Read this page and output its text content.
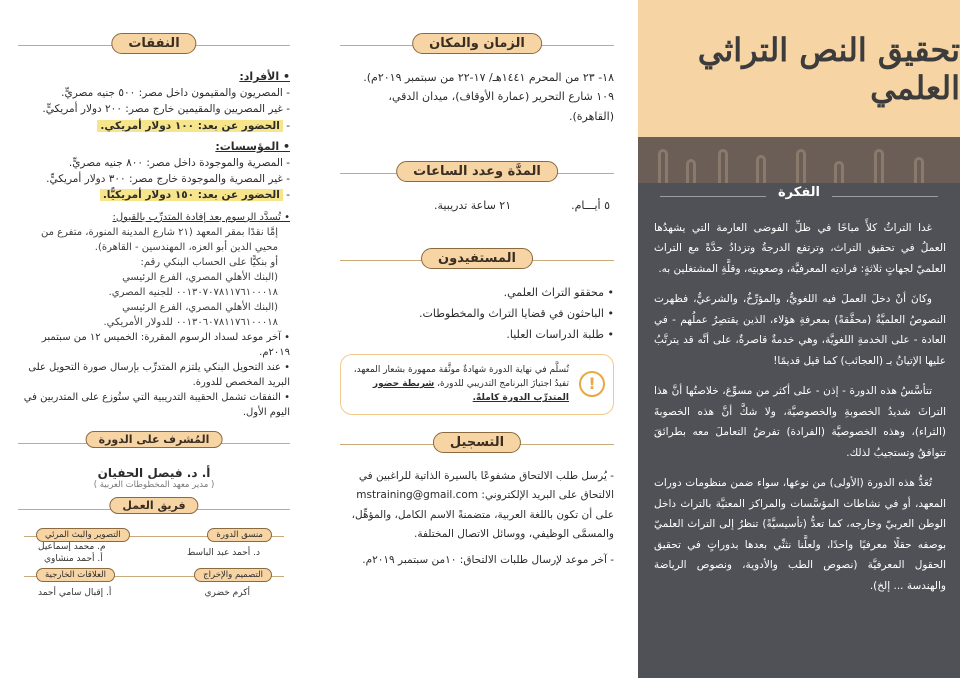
تحقيق النص التراثي العلمي
الفكرة

غدا التراثُ كلأً مباحًا في ظلِّ الفوضى العارمة التي يشهدُها العملُ في تحقيق التراث، وترتفع الدرجةُ وتزدادُ حدَّةً مع التراث العلميّ لجهاتٍ ثلاثةٍ: فرادتِه المعرفيَّة، وصعوبتِه، وقلَّةِ المشتغلين به.

وكانَ أنْ دخلَ العملَ فيه اللغويُّ، والمؤرِّخُ، والشرعيُّ، فظهرت النصوصُ العلميَّةُ (محقَّقةً) بمعرفةِ هؤلاء، الذين يقتصِرُ عملُهم - في العادة - على الخدمةِ اللغويَّة، وهي خدمةٌ قاصرةٌ، على أنَّه قد يترتَّبُ عليها الإتيانُ بـ (العجائب) كما قيل قديمًا!

تتأسَّسُ هذه الدورة - إذن - على أكثر من مسوِّغ، خلاصتُها أنَّ هذا التراثَ شديدُ الخصوبةِ والخصوصيَّة، ولا شكَّ أنَّ هذه الخصوبةَ (الثراء)، وهذه الخصوصيَّة (الفرادة) تفرضُ التعاملَ معه بطرائقَ تتوافقُ وتستجيبُ لذلك.

تُعَدُّ هذه الدورة (الأولى) من نوعها، سواء ضمن منظومات دورات المعهد، أو في نشاطات المؤسَّسات والمراكز المعنيَّة بالتراث داخل الوطن العربيّ وخارجه، كما تعدُّ (تأسيسيَّةً) تنظرُ إلى التراث العلميّ بوصفه حقلًا معرفيًا واحدًا، ولعلَّنا نثنِّي بعدها بدوراتٍ في تحقيق الحقول المعرفيَّة (نصوص الطب والأدوية، ونصوص الرياضة والهندسة ... إلخ).

الزمان والمكان
١٨- ٢٣ من المحرم ١٤٤١هـ/ ١٧-٢٢ من سبتمبر ٢٠١٩م).
١٠٩ شارع التحرير (عمارة الأوقاف)، ميدان الدقي، (القاهرة).
المدَّة وعدد الساعات
٥ أيـــام.
٢١ ساعة تدريبية.
المستفيدون
• محققو التراث العلمي.
• الباحثون في قضايا التراث والمخطوطات.
• طلبة الدراسات العليا.
!
تُسلَّم في نهاية الدورة شهادةٌ موثَّقة ممهورة بشعار المعهد، تفيدُ اجتيازَ البرنامج التدريبي للدورة، شريطة حضور المتدرِّب الدورة كاملةً.
التسجيل
- يُرسل طلب الالتحاق مشفوعًا بالسيرة الذاتية للراغبين في الالتحاق على البريد الإلكتروني: mstraining@gmail.com على أن تكون باللغة العربية، متضمنةً الاسم الكامل، والمؤهِّل، والمسمَّى الوظيفي، ووسائل الاتصال المختلفة.
- آخر موعد لإرسال طلبات الالتحاق: ١٠من سبتمبر ٢٠١٩م.
النفقات
• الأفراد:
- المصريون والمقيمون داخل مصر: ٥٠٠ جنيه مصريٍّ.
- غير المصريين والمقيمين خارج مصر: ٢٠٠ دولار أمريكيٍّ.
- الحضور عن بعد: ١٠٠ دولار أمريكي.
• المؤسسات:
- المصرية والموجودة داخل مصر: ٨٠٠ جنيه مصريٍّ.
- غير المصرية والموجودة خارج مصر: ٣٠٠ دولار أمريكيٍّ.
- الحضور عن بعد: ١٥٠ دولار أمريكيًّا.
• تُسدَّد الرسوم بعد إفادة المتدرِّب بالقبول:
إمَّا نقدًا بمقر المعهد (٢١ شارع المدينة المنورة، متفرع من محيي الدين أبو العزه، المهندسين - القاهرة).
أو بنكيًّا على الحساب البنكي رقم:
(البنك الأهلي المصري، الفرع الرئيسي ٠٠١٣٠٧٠٧٨١١٧٦١٠٠٠١٨ للجنيه المصري.
(البنك الأهلي المصري، الفرع الرئيسي ٠٠١٣٠٦٠٧٨١١٧٦١٠٠٠١٨ للدولار الأمريكي.
• آخر موعد لسداد الرسوم المقررة: الخميس ١٢ من سبتمبر ٢٠١٩م.
• عند التحويل البنكي يلتزم المتدرِّب بإرسال صورة التحويل على البريد المخصص للدورة.
• النفقات تشمل الحقيبة التدريبية التي ستُوزع على المتدربين في اليوم الأول.
المُشرف على الدورة
أ. د. فيصل الحفيان
( مدير معهد المخطوطات العربية )
فريق العمل
منسق الدورة
التصوير والبث المرئي
د. أحمد عبد الباسط
م. محمد إسماعيل
أ. أحمد منشاوي
التصميم والإخراج
العلاقات الخارجية
أكرم خضري
أ. إقبال سامي أحمد
